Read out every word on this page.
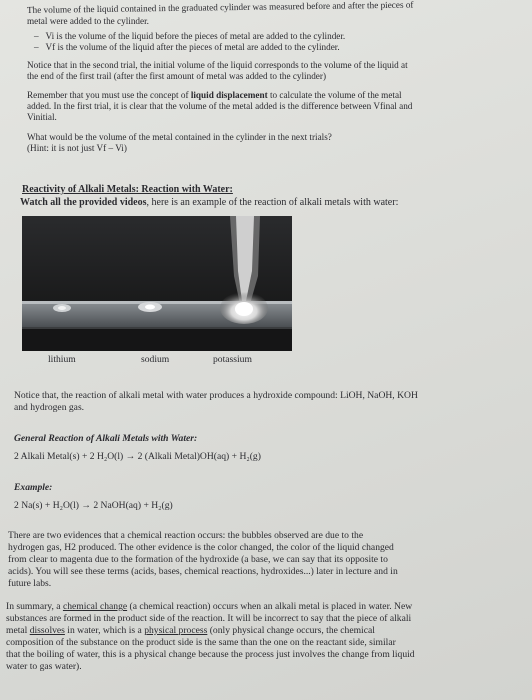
The volume of the liquid contained in the graduated cylinder was measured before and after the pieces of

metal were added to the cylinder.

–   Vi is the volume of the liquid before the pieces of metal are added to the cylinder.

–   Vf is the volume of the liquid after the pieces of metal are added to the cylinder.

Notice that in the second trial, the initial volume of the liquid corresponds to the volume of the liquid at

the end of the first trail (after the first amount of metal was added to the cylinder)

Remember that you must use the concept of liquid displacement to calculate the volume of the metal

added. In the first trial, it is clear that the volume of the metal added is the difference between Vfinal and

Vinitial.

What would be the volume of the metal contained in the cylinder in the next trials?

(Hint: it is not just Vf – Vi)

Reactivity of Alkali Metals: Reaction with Water:

Watch all the provided videos, here is an example of the reaction of alkali metals with water:

lithium	sodium	potassium

Notice that, the reaction of alkali metal with water produces a hydroxide compound: LiOH, NaOH, KOH

and hydrogen gas.

General Reaction of Alkali Metals with Water:

2 Alkali Metal(s) + 2 H₂O(l) → 2 (Alkali Metal)OH(aq) + H₂(g)

Example:

2 Na(s) + H₂O(l) → 2 NaOH(aq) + H₂(g)

There are two evidences that a chemical reaction occurs: the bubbles observed are due to the

hydrogen gas, H2 produced. The other evidence is the color changed, the color of the liquid changed

from clear to magenta due to the formation of the hydroxide (a base, we can say that its opposite to

acids). You will see these terms (acids, bases, chemical reactions, hydroxides...) later in lecture and in

future labs.

In summary, a chemical change (a chemical reaction) occurs when an alkali metal is placed in water. New

substances are formed in the product side of the reaction. It will be incorrect to say that the piece of alkali

metal dissolves in water, which is a physical process (only physical change occurs, the chemical

composition of the substance on the product side is the same than the one on the reactant side, similar

that the boiling of water, this is a physical change because the process just involves the change from liquid

water to gas water).
